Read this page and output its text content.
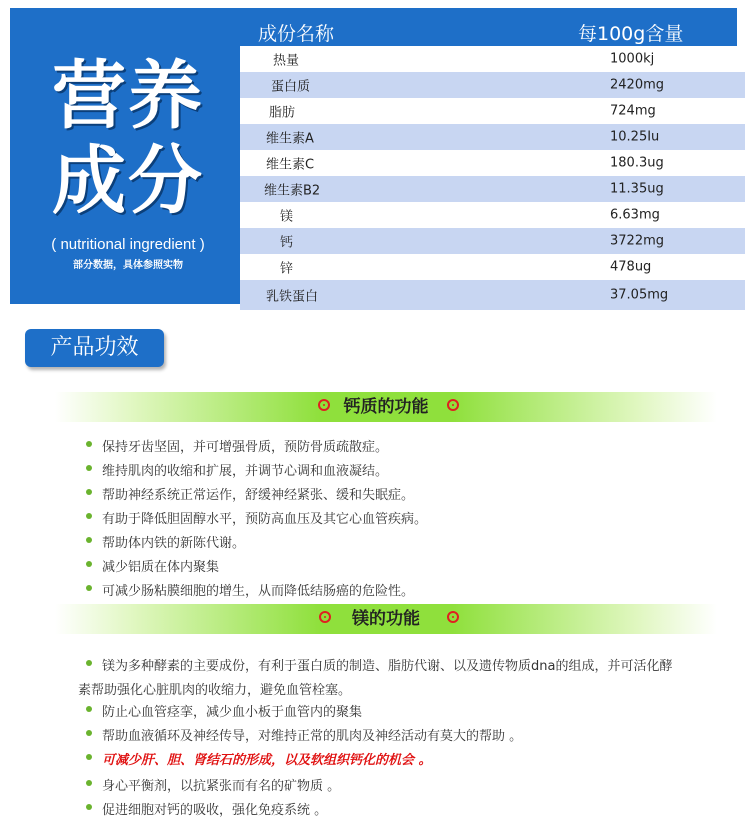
营养
成分
( nutritional ingredient )
部分数据，具体参照实物
成份名称	每100g含量
热量	1000kj
蛋白质	2420mg
脂肪	724mg
维生素A	10.25Iu
维生素C	180.3ug
维生素B2	11.35ug
镁	6.63mg
钙	3722mg
锌	478ug
乳铁蛋白	37.05mg
产品功效
钙质的功能
保持牙齿坚固，并可增强骨质，预防骨质疏散症。
维持肌肉的收缩和扩展，并调节心调和血液凝结。
帮助神经系统正常运作，舒缓神经紧张、缓和失眠症。
有助于降低胆固醇水平，预防高血压及其它心血管疾病。
帮助体内铁的新陈代谢。
减少铝质在体内聚集
可减少肠粘膜细胞的增生，从而降低结肠癌的危险性。
镁的功能
镁为多种酵素的主要成份，有利于蛋白质的制造、脂肪代谢、以及遗传物质dna的组成，并可活化酵
素帮助强化心脏肌肉的收缩力，避免血管栓塞。
防止心血管痉挛，减少血小板于血管内的聚集
帮助血液循环及神经传导，对维持正常的肌肉及神经活动有莫大的帮助 。
可减少肝、胆、肾结石的形成，以及软组织钙化的机会 。
身心平衡剂，以抗紧张而有名的矿物质 。
促进细胞对钙的吸收，强化免疫系统 。
